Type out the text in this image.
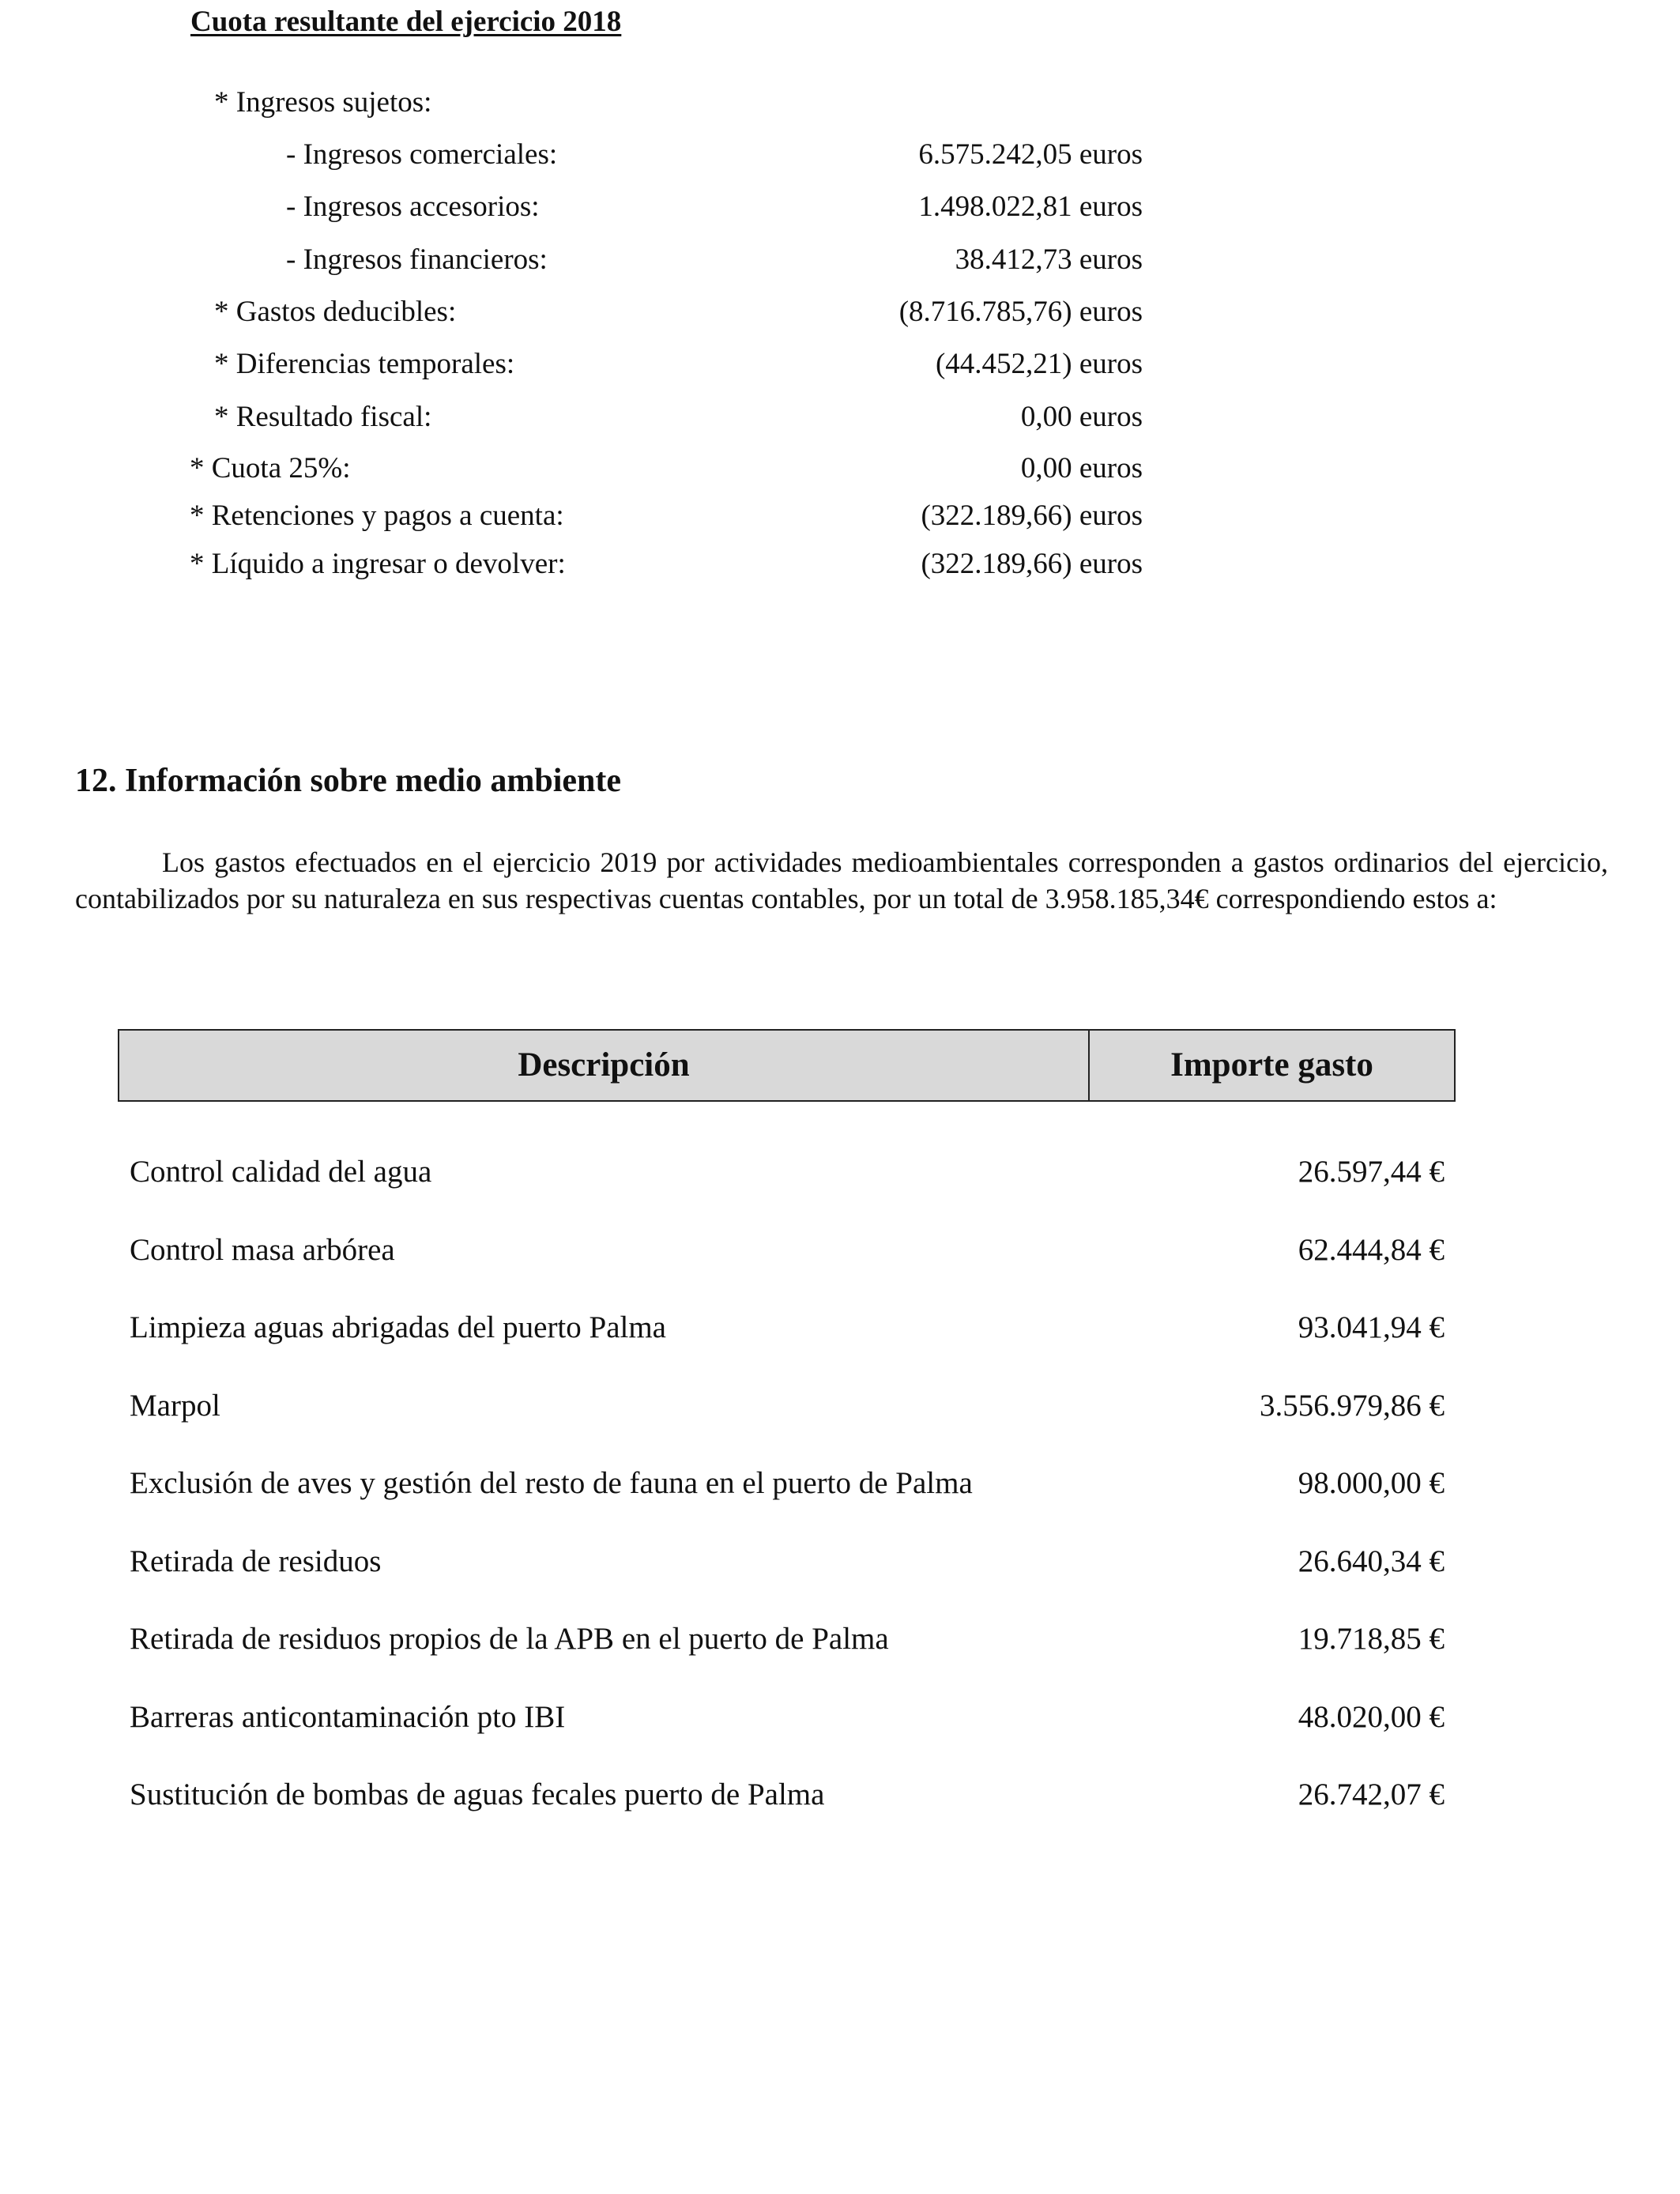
Cuota resultante del ejercicio 2018
* Ingresos sujetos:
- Ingresos comerciales:	6.575.242,05 euros
- Ingresos accesorios:	1.498.022,81 euros
- Ingresos financieros:	38.412,73 euros
* Gastos deducibles:	(8.716.785,76) euros
* Diferencias temporales:	(44.452,21) euros
* Resultado fiscal:	0,00 euros
* Cuota 25%:	0,00 euros
* Retenciones y pagos a cuenta:	(322.189,66) euros
* Líquido a ingresar o devolver:	(322.189,66) euros
12. Información sobre medio ambiente
Los gastos efectuados en el ejercicio 2019 por actividades medioambientales corresponden a gastos ordinarios del ejercicio, contabilizados por su naturaleza en sus respectivas cuentas contables, por un total de 3.958.185,34€ correspondiendo estos a:
Descripción	Importe gasto
Control calidad del agua	26.597,44 €
Control masa arbórea	62.444,84 €
Limpieza aguas abrigadas del puerto Palma	93.041,94 €
Marpol	3.556.979,86 €
Exclusión de aves y gestión del resto de fauna en el puerto de Palma	98.000,00 €
Retirada de residuos	26.640,34 €
Retirada de residuos propios de la APB en el puerto de Palma	19.718,85 €
Barreras anticontaminación pto IBI	48.020,00 €
Sustitución de bombas de aguas fecales puerto de Palma	26.742,07 €
